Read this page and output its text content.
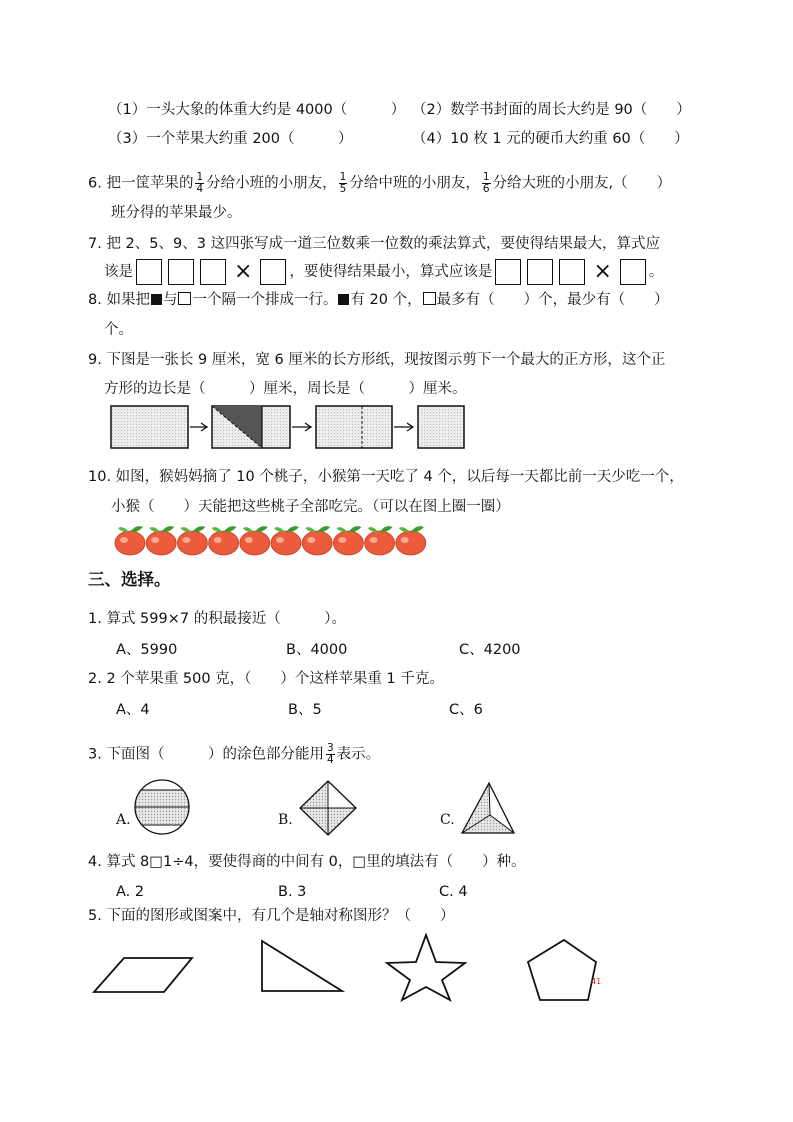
（1）一头大象的体重大约是 4000（　　　） （2）数学书封面的周长大约是 90（　　）
（3）一个苹果大约重 200（　　　）	（4）10 枚 1 元的硬币大约重 60（　　）
6. 把一筐苹果的 $\frac{1}{4}$ 分给小班的小朋友， $\frac{1}{5}$ 分给中班的小朋友， $\frac{1}{6}$ 分给大班的小朋友,（　　）
班分得的苹果最少。
7. 把 2、5、9、3 这四张写成一道三位数乘一位数的乘法算式，要使得结果最大，算式应
该是	×	，要使得结果最小，算式应该是	×	。
8. 如果把 与 一个隔一个排成一行。 有 20 个， 最多有（　　）个，最少有（　　）
个。
9. 下图是一张长 9 厘米，宽 6 厘米的长方形纸，现按图示剪下一个最大的正方形，这个正
方形的边长是（　　　）厘米，周长是（　　　）厘米。
10. 如图，猴妈妈摘了 10 个桃子，小猴第一天吃了 4 个，以后每一天都比前一天少吃一个，
小猴（　　）天能把这些桃子全部吃完。（可以在图上圈一圈）
三、选择。
1. 算式 599×7 的积最接近（　　　）。
A、5990	B、4000	C、4200
2. 2 个苹果重 500 克，（　　）个这样苹果重 1 千克。
A、4	B、5	C、6
3. 下面图（　　　）的涂色部分能用 $\frac{3}{4}$ 表示。
A.	B.	C.
4. 算式 8□1÷4，要使得商的中间有 0，□里的填法有（　　）种。
A. 2	B. 3	C. 4
5. 下面的图形或图案中，有几个是轴对称图形？（　　）
41
